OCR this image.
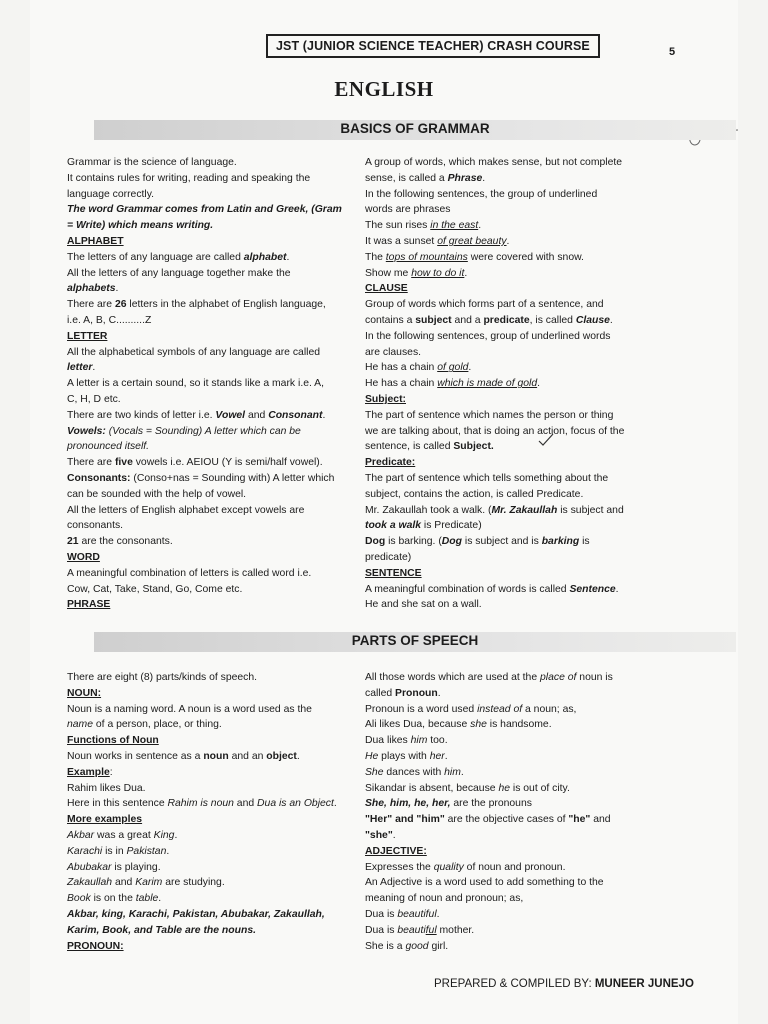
JST (JUNIOR SCIENCE TEACHER) CRASH COURSE	5
ENGLISH
BASICS OF GRAMMAR
Grammar is the science of language.
It contains rules for writing, reading and speaking the
language correctly.
The word Grammar comes from Latin and Greek, (Gram
= Write) which means writing.
ALPHABET
The letters of any language are called alphabet.
All the letters of any language together make the
alphabets.
There are 26 letters in the alphabet of English language,
i.e. A, B, C..........Z
LETTER
All the alphabetical symbols of any language are called
letter.
A letter is a certain sound, so it stands like a mark i.e. A,
C, H, D etc.
There are two kinds of letter i.e. Vowel and Consonant.
Vowels: (Vocals = Sounding) A letter which can be
pronounced itself.
There are five vowels i.e. AEIOU (Y is semi/half vowel).
Consonants: (Conso+nas = Sounding with) A letter which
can be sounded with the help of vowel.
All the letters of English alphabet except vowels are
consonants.
21 are the consonants.
WORD
A meaningful combination of letters is called word i.e.
Cow, Cat, Take, Stand, Go, Come etc.
PHRASE
A group of words, which makes sense, but not complete
sense, is called a Phrase.
In the following sentences, the group of underlined
words are phrases
The sun rises in the east.
It was a sunset of great beauty.
The tops of mountains were covered with snow.
Show me how to do it.
CLAUSE
Group of words which forms part of a sentence, and
contains a subject and a predicate, is called Clause.
In the following sentences, group of underlined words
are clauses.
He has a chain of gold.
He has a chain which is made of gold.
Subject:
The part of sentence which names the person or thing
we are talking about, that is doing an action, focus of the
sentence, is called Subject.
Predicate:
The part of sentence which tells something about the
subject, contains the action, is called Predicate.
Mr. Zakaullah took a walk. (Mr. Zakaullah is subject and
took a walk is Predicate)
Dog is barking. (Dog is subject and is barking is
predicate)
SENTENCE
A meaningful combination of words is called Sentence.
He and she sat on a wall.
PARTS OF SPEECH
There are eight (8) parts/kinds of speech.
NOUN:
Noun is a naming word. A noun is a word used as the
name of a person, place, or thing.
Functions of Noun
Noun works in sentence as a noun and an object.
Example:
Rahim likes Dua.
Here in this sentence Rahim is noun and Dua is an Object.
More examples
Akbar was a great King.
Karachi is in Pakistan.
Abubakar is playing.
Zakaullah and Karim are studying.
Book is on the table.
Akbar, king, Karachi, Pakistan, Abubakar, Zakaullah,
Karim, Book, and Table are the nouns.
PRONOUN:
All those words which are used at the place of noun is
called Pronoun.
Pronoun is a word used instead of a noun; as,
Ali likes Dua, because she is handsome.
Dua likes him too.
He plays with her.
She dances with him.
Sikandar is absent, because he is out of city.
She, him, he, her, are the pronouns
"Her" and "him" are the objective cases of "he" and
"she".
ADJECTIVE:
Expresses the quality of noun and pronoun.
An Adjective is a word used to add something to the
meaning of noun and pronoun; as,
Dua is beautiful.
Dua is beautiful mother.
She is a good girl.
PREPARED & COMPILED BY: MUNEER JUNEJO
